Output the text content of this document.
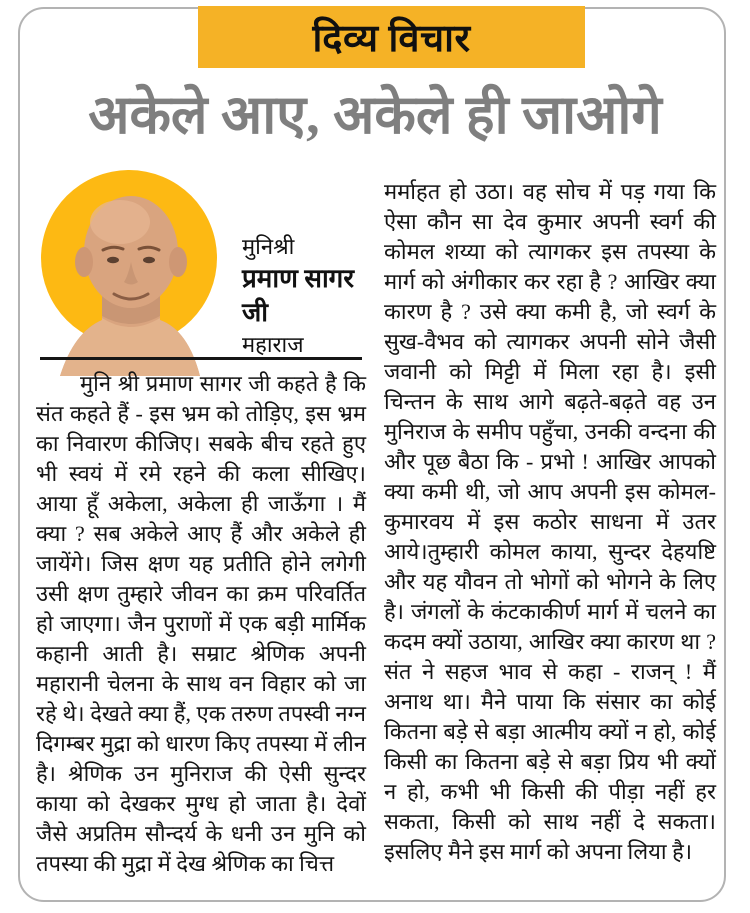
दिव्य विचार
अकेले आए, अकेले ही जाओगे
मुनिश्री
प्रमाण सागर जी
महाराज
मुनि श्री प्रमाण सागर जी कहते है कि संत कहते हैं - इस भ्रम को तोड़िए, इस भ्रम का निवारण कीजिए। सबके बीच रहते हुए भी स्वयं में रमे रहने की कला सीखिए। आया हूँ अकेला, अकेला ही जाऊँगा । मैं क्या ? सब अकेले आए हैं और अकेले ही जायेंगे। जिस क्षण यह प्रतीति होने लगेगी उसी क्षण तुम्हारे जीवन का क्रम परिवर्तित हो जाएगा। जैन पुराणों में एक बड़ी मार्मिक कहानी आती है। सम्राट श्रेणिक अपनी महारानी चेलना के साथ वन विहार को जा रहे थे। देखते क्या हैं, एक तरुण तपस्वी नग्न दिगम्बर मुद्रा को धारण किए तपस्या में लीन है। श्रेणिक उन मुनिराज की ऐसी सुन्दर काया को देखकर मुग्ध हो जाता है। देवों जैसे अप्रतिम सौन्दर्य के धनी उन मुनि को तपस्या की मुद्रा में देख श्रेणिक का चित्त
मर्माहत हो उठा। वह सोच में पड़ गया कि ऐसा कौन सा देव कुमार अपनी स्वर्ग की कोमल शय्या को त्यागकर इस तपस्या के मार्ग को अंगीकार कर रहा है ? आखिर क्या कारण है ? उसे क्या कमी है, जो स्वर्ग के सुख-वैभव को त्यागकर अपनी सोने जैसी जवानी को मिट्टी में मिला रहा है। इसी चिन्तन के साथ आगे बढ़ते-बढ़ते वह उन मुनिराज के समीप पहुँचा, उनकी वन्दना की और पूछ बैठा कि - प्रभो ! आखिर आपको क्या कमी थी, जो आप अपनी इस कोमल-कुमारवय में इस कठोर साधना में उतर आये।तुम्हारी कोमल काया, सुन्दर देहयष्टि और यह यौवन तो भोगों को भोगने के लिए है। जंगलों के कंटकाकीर्ण मार्ग में चलने का कदम क्यों उठाया, आखिर क्या कारण था ?संत ने सहज भाव से कहा - राजन् ! मैं अनाथ था। मैने पाया कि संसार का कोई कितना बड़े से बड़ा आत्मीय क्यों न हो, कोई किसी का कितना बड़े से बड़ा प्रिय भी क्यों न हो, कभी भी किसी की पीड़ा नहीं हर सकता, किसी को साथ नहीं दे सकता। इसलिए मैने इस मार्ग को अपना लिया है।
